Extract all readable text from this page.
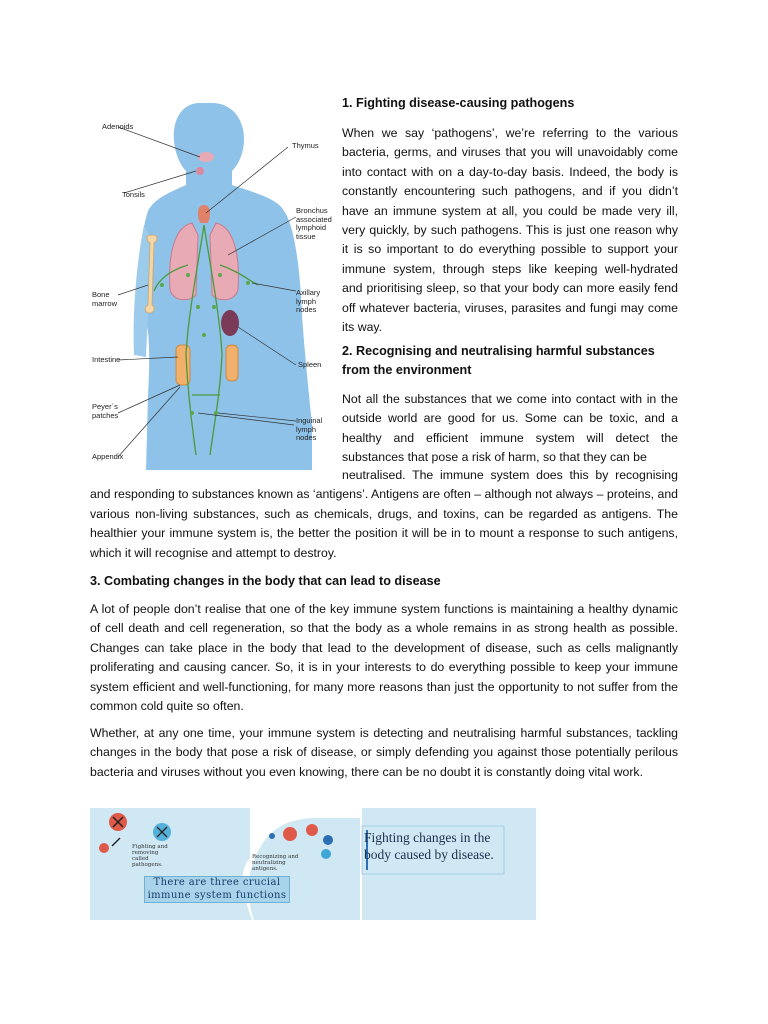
Adenoids
Tonsils
Thymus
Bronchus associated lymphoid tissue
Bone marrow
Axillary lymph nodes
Intestine
Spleen
Peyer´s patches
Inguinal lymph nodes
Appendix
1. Fighting disease-causing pathogens

When we say ‘pathogens’, we’re referring to the various bacteria, germs, and viruses that you will unavoidably come into contact with on a day-to-day basis. Indeed, the body is constantly encountering such pathogens, and if you didn’t have an immune system at all, you could be made very ill, very quickly, by such pathogens. This is just one reason why it is so important to do everything possible to support your immune system, through steps like keeping well-hydrated and prioritising sleep, so that your body can more easily fend off whatever bacteria, viruses, parasites and fungi may come its way.

2. Recognising and neutralising harmful substances from the environment

Not all the substances that we come into contact with in the outside world are good for us. Some can be toxic, and a healthy and efficient immune system will detect the substances that pose a risk of harm, so that they can be

neutralised. The immune system does this by recognising and responding to substances known as ‘antigens’. Antigens are often – although not always – proteins, and various non-living substances, such as chemicals, drugs, and toxins, can be regarded as antigens. The healthier your immune system is, the better the position it will be in to mount a response to such antigens, which it will recognise and attempt to destroy.

3. Combating changes in the body that can lead to disease

A lot of people don’t realise that one of the key immune system functions is maintaining a healthy dynamic of cell death and cell regeneration, so that the body as a whole remains in as strong health as possible. Changes can take place in the body that lead to the development of disease, such as cells malignantly proliferating and causing cancer. So, it is in your interests to do everything possible to keep your immune system efficient and well-functioning, for many more reasons than just the opportunity to not suffer from the common cold quite so often.

Whether, at any one time, your immune system is detecting and neutralising harmful substances, tackling changes in the body that pose a risk of disease, or simply defending you against those potentially perilous bacteria and viruses without you even knowing, there can be no doubt it is constantly doing vital work.

Fighting and removing called pathogens.
Recognizing and neutralizing antigens.
There are three crucial immune system functions
Fighting changes in the body caused by disease.
